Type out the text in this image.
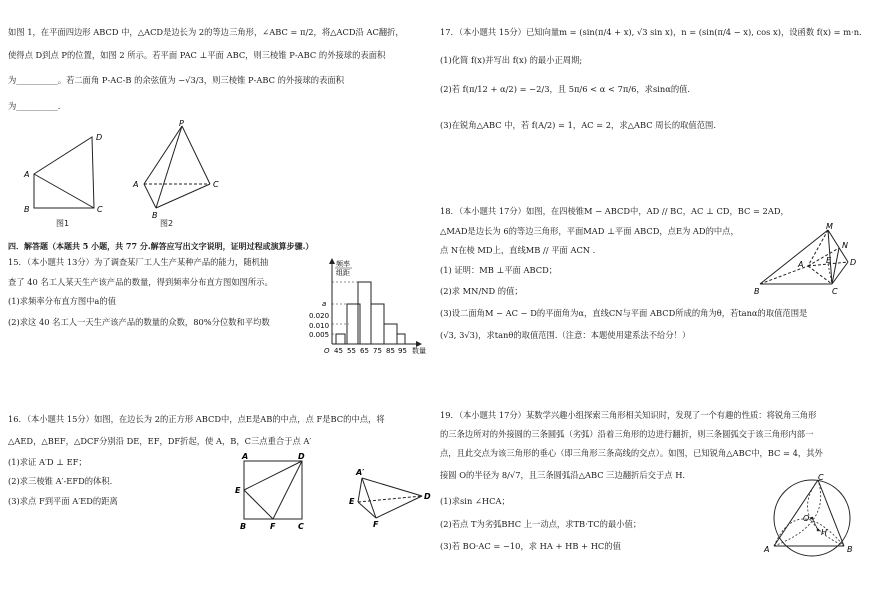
如图 1，在平面四边形 ABCD 中，△ACD是边长为 2的等边三角形，∠ABC = π/2，将△ACD沿 AC翻折，
使得点 D到点 P的位置，如图 2 所示。若平面 PAC ⊥平面 ABC，则三棱锥 P‑ABC 的外接球的表面积
为__________。若二面角 P‑AC‑B 的余弦值为 −√3/3，则三棱锥 P‑ABC 的外接球的表面积
为__________.
D
A
B	C
图1
P
A	C
B
图2
四．解答题（本题共 5 小题，共 77 分.解答应写出文字说明，证明过程或演算步骤.）
15．（本小题共 13分）为了调查某厂工人生产某种产品的能力，随机抽
查了 40 名工人某天生产该产品的数量，得到频率分布直方图如图所示。
(1)求频率分布直方图中a的值
(2)求这 40 名工人一天生产该产品的数量的众数，80%分位数和平均数
频率
组距
a
0.020
0.010
0.005
O 45 55 65 75 85 95 数量
16．（本小题共 15分）如图，在边长为 2的正方形 ABCD中，点E是AB的中点，点 F是BC的中点，将
△AED，△BEF，△DCF分别沿 DE，EF，DF折起，使 A，B，C三点重合于点 A′
(1)求证 A′D ⊥ EF；
(2)求三棱锥 A′‑EFD的体积.
(3)求点 F到平面 A′ED的距离
A	D
E
B	F	C
A′
D
E
F
17．（本小题共 15分）已知向量m = (sin(π/4 + x), √3 sin x)，n = (sin(π/4 − x), cos x)，设函数 f(x) = m·n.
(1)化简 f(x)并写出 f(x) 的最小正周期;
(2)若 f(π/12 + α/2) = −2/3，且 5π/6 < α < 7π/6，求sinα的值.
(3)在锐角△ABC 中，若 f(A/2) = 1，AC = 2，求△ABC 周长的取值范围.
18．（本小题共 17分）如图，在四棱锥M − ABCD中，AD // BC，AC ⊥ CD，BC = 2AD，
△MAD是边长为 6的等边三角形，平面MAD ⊥平面 ABCD，点E为 AD的中点，
点 N在棱 MD上，直线MB // 平面 ACN .
(1) 证明：MB ⊥平面 ABCD；
(2)求 MN/ND 的值；
(3)设二面角M − AC − D的平面角为α，直线CN与平面 ABCD所成的角为θ，若tanα的取值范围是
(√3, 3√3)，求tanθ的取值范围.（注意：本题使用建系法不给分！）
M
N
A	D
E
B	C
19．（本小题共 17分）某数学兴趣小组探索三角形相关知识时，发现了一个有趣的性质：将锐角三角形
的三条边所对的外接圆的三条圆弧（劣弧）沿着三角形的边进行翻折，则三条圆弧交于该三角形内部一
点，且此交点为该三角形的垂心（即三角形三条高线的交点）。如图，已知锐角△ABC中，BC = 4，其外
接圆 O的半径为 8/√7，且三条圆弧沿△ABC 三边翻折后交于点 H.
(1)求sin ∠HCA；
(2)若点 T为劣弧BHC 上一动点，求TB·TC的最小值；
(3)若 BO·AC = −10，求 HA + HB + HC的值
C
O
H
A	B
